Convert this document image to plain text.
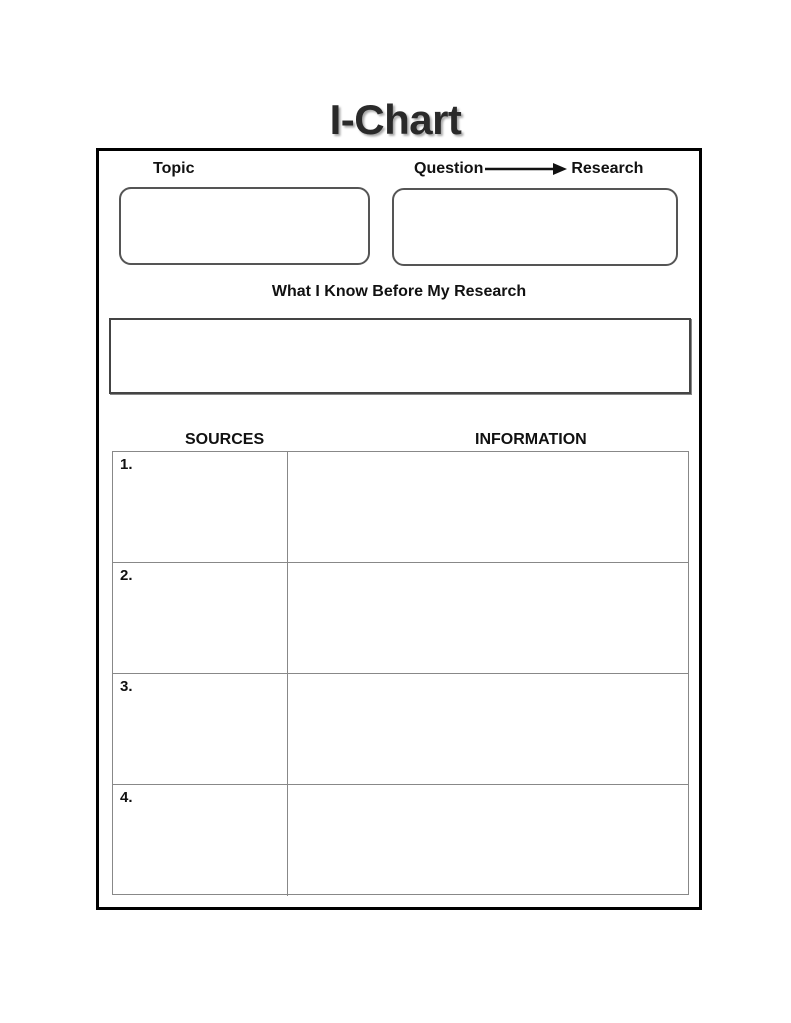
I-Chart
Topic	Question	Research
What I Know Before My Research
SOURCES	INFORMATION
1.
2.
3.
4.
